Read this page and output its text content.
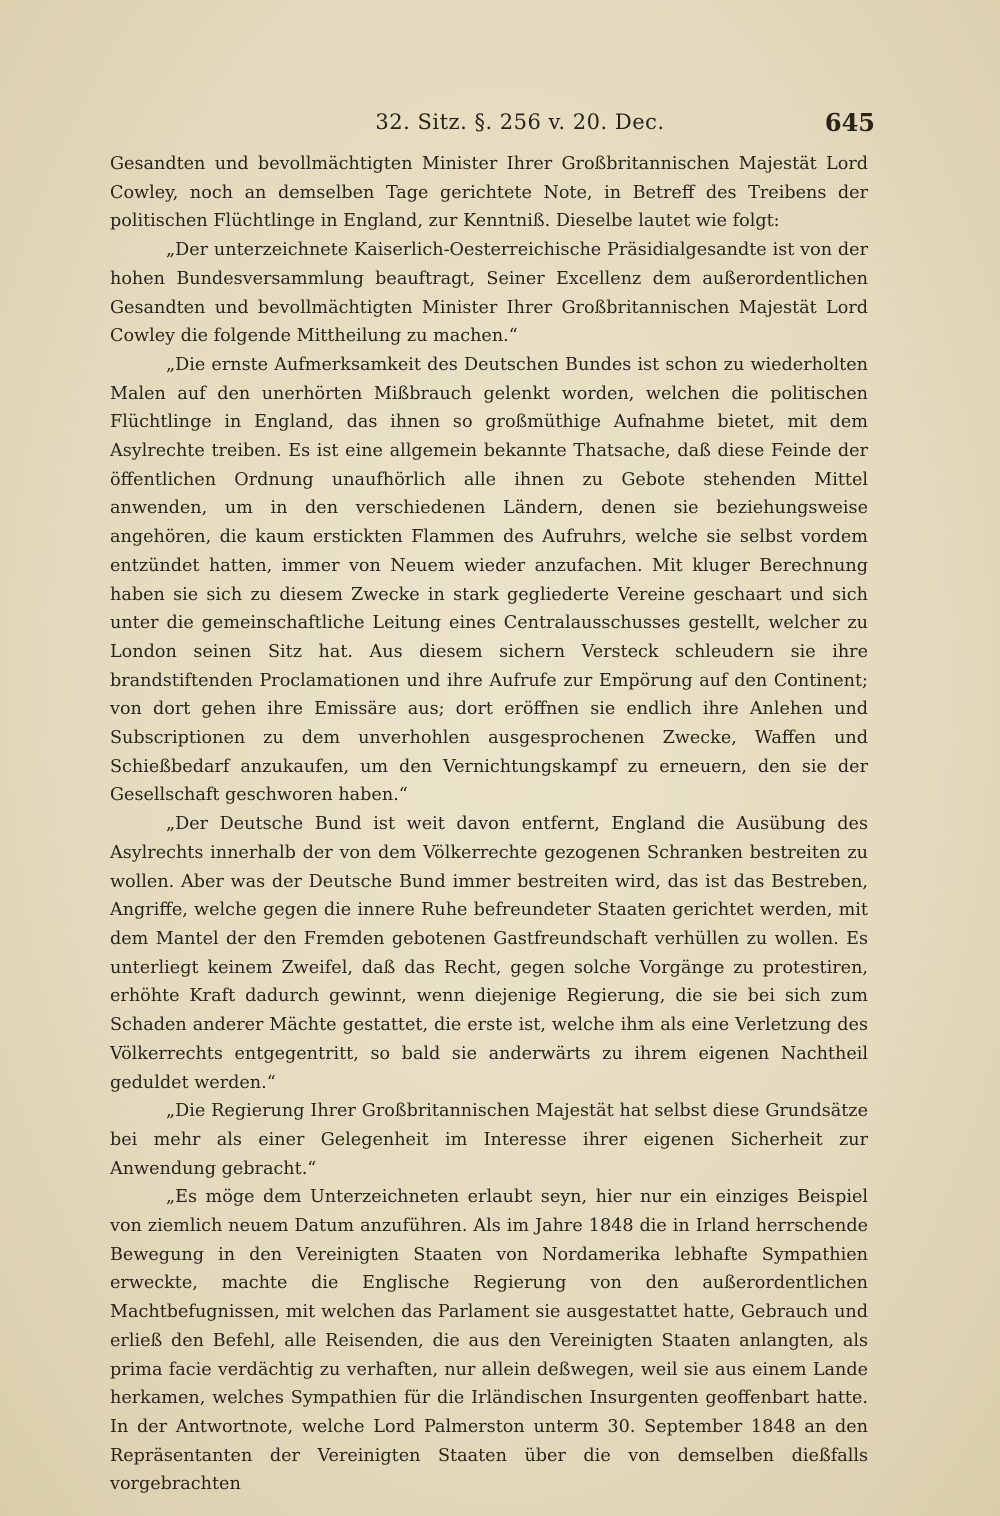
32. Sitz. §. 256 v. 20. Dec.	645

Gesandten und bevollmächtigten Minister Ihrer Großbritannischen Majestät Lord Cowley, noch an demselben Tage gerichtete Note, in Betreff des Treibens der politischen Flüchtlinge in England, zur Kenntniß. Dieselbe lautet wie folgt:

„Der unterzeichnete Kaiserlich-Oesterreichische Präsidialgesandte ist von der hohen Bundesversammlung beauftragt, Seiner Excellenz dem außerordentlichen Gesandten und bevollmächtigten Minister Ihrer Großbritannischen Majestät Lord Cowley die folgende Mittheilung zu machen.“

„Die ernste Aufmerksamkeit des Deutschen Bundes ist schon zu wiederholten Malen auf den unerhörten Mißbrauch gelenkt worden, welchen die politischen Flüchtlinge in England, das ihnen so großmüthige Aufnahme bietet, mit dem Asylrechte treiben. Es ist eine allgemein bekannte Thatsache, daß diese Feinde der öffentlichen Ordnung unaufhörlich alle ihnen zu Gebote stehenden Mittel anwenden, um in den verschiedenen Ländern, denen sie beziehungsweise angehören, die kaum erstickten Flammen des Aufruhrs, welche sie selbst vordem entzündet hatten, immer von Neuem wieder anzufachen. Mit kluger Berechnung haben sie sich zu diesem Zwecke in stark gegliederte Vereine geschaart und sich unter die gemeinschaftliche Leitung eines Centralausschusses gestellt, welcher zu London seinen Sitz hat. Aus diesem sichern Versteck schleudern sie ihre brandstiftenden Proclamationen und ihre Aufrufe zur Empörung auf den Continent; von dort gehen ihre Emissäre aus; dort eröffnen sie endlich ihre Anlehen und Subscriptionen zu dem unverhohlen ausgesprochenen Zwecke, Waffen und Schießbedarf anzukaufen, um den Vernichtungskampf zu erneuern, den sie der Gesellschaft geschworen haben.“

„Der Deutsche Bund ist weit davon entfernt, England die Ausübung des Asylrechts innerhalb der von dem Völkerrechte gezogenen Schranken bestreiten zu wollen. Aber was der Deutsche Bund immer bestreiten wird, das ist das Bestreben, Angriffe, welche gegen die innere Ruhe befreundeter Staaten gerichtet werden, mit dem Mantel der den Fremden gebotenen Gastfreundschaft verhüllen zu wollen. Es unterliegt keinem Zweifel, daß das Recht, gegen solche Vorgänge zu protestiren, erhöhte Kraft dadurch gewinnt, wenn diejenige Regierung, die sie bei sich zum Schaden anderer Mächte gestattet, die erste ist, welche ihm als eine Verletzung des Völkerrechts entgegentritt, so bald sie anderwärts zu ihrem eigenen Nachtheil geduldet werden.“

„Die Regierung Ihrer Großbritannischen Majestät hat selbst diese Grundsätze bei mehr als einer Gelegenheit im Interesse ihrer eigenen Sicherheit zur Anwendung gebracht.“

„Es möge dem Unterzeichneten erlaubt seyn, hier nur ein einziges Beispiel von ziemlich neuem Datum anzuführen. Als im Jahre 1848 die in Irland herrschende Bewegung in den Vereinigten Staaten von Nordamerika lebhafte Sympathien erweckte, machte die Englische Regierung von den außerordentlichen Machtbefugnissen, mit welchen das Parlament sie ausgestattet hatte, Gebrauch und erließ den Befehl, alle Reisenden, die aus den Vereinigten Staaten anlangten, als prima facie verdächtig zu verhaften, nur allein deßwegen, weil sie aus einem Lande herkamen, welches Sympathien für die Irländischen Insurgenten geoffenbart hatte. In der Antwortnote, welche Lord Palmerston unterm 30. September 1848 an den Repräsentanten der Vereinigten Staaten über die von demselben dießfalls vorgebrachten
